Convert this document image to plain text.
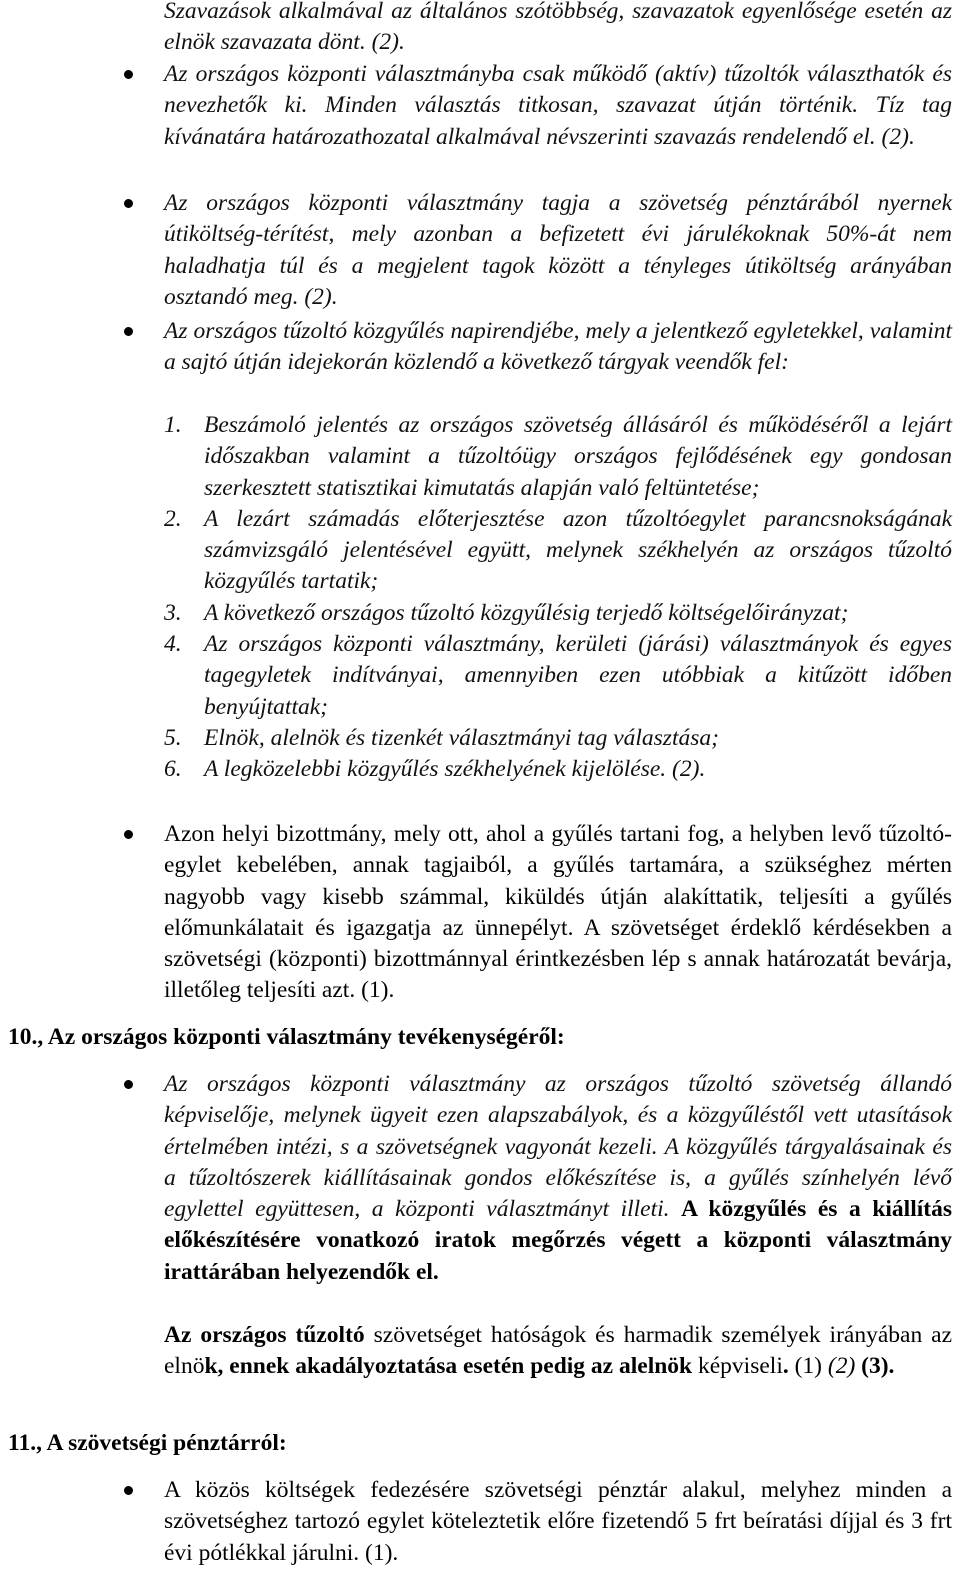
Szavazások alkalmával az általános szótöbbség, szavazatok egyenlősége esetén az elnök szavazata dönt. (2).
Az országos központi választmányba csak működő (aktív) tűzoltók választhatók és nevezhetők ki. Minden választás titkosan, szavazat útján történik. Tíz tag kívánatára határozathozatal alkalmával névszerinti szavazás rendelendő el. (2).
Az országos központi választmány tagja a szövetség pénztárából nyernek útiköltség-térítést, mely azonban a befizetett évi járulékoknak 50%-át nem haladhatja túl és a megjelent tagok között a tényleges útiköltség arányában osztandó meg. (2).
Az országos tűzoltó közgyűlés napirendjébe, mely a jelentkező egyletekkel, valamint a sajtó útján idejekorán közlendő a következő tárgyak veendők fel:
1. Beszámoló jelentés az országos szövetség állásáról és működéséről a lejárt időszakban valamint a tűzoltóügy országos fejlődésének egy gondosan szerkesztett statisztikai kimutatás alapján való feltüntetése;
2. A lezárt számadás előterjesztése azon tűzoltóegylet parancsnokságának számvizsgáló jelentésével együtt, melynek székhelyén az országos tűzoltó közgyűlés tartatik;
3. A következő országos tűzoltó közgyűlésig terjedő költségelőirányzat;
4. Az országos központi választmány, kerületi (járási) választmányok és egyes tagegyletek indítványai, amennyiben ezen utóbbiak a kitűzött időben benyújtattak;
5. Elnök, alelnök és tizenkét választmányi tag választása;
6. A legközelebbi közgyűlés székhelyének kijelölése. (2).
Azon helyi bizottmány, mely ott, ahol a gyűlés tartani fog, a helyben levő tűzoltó-egylet kebelében, annak tagjaiból, a gyűlés tartamára, a szükséghez mérten nagyobb vagy kisebb számmal, kiküldés útján alakíttatik, teljesíti a gyűlés előmunkálatait és igazgatja az ünnepélyt. A szövetséget érdeklő kérdésekben a szövetségi (központi) bizottmánnyal érintkezésben lép s annak határozatát bevárja, illetőleg teljesíti azt. (1).
10., Az országos központi választmány tevékenységéről:
Az országos központi választmány az országos tűzoltó szövetség állandó képviselője, melynek ügyeit ezen alapszabályok, és a közgyűléstől vett utasítások értelmében intézi, s a szövetségnek vagyonát kezeli. A közgyűlés tárgyalásainak és a tűzoltószerek kiállításainak gondos előkészítése is, a gyűlés színhelyén lévő egylettel együttesen, a központi választmányt illeti. A közgyűlés és a kiállítás előkészítésére vonatkozó iratok megőrzés végett a központi választmány irattárában helyezendők el.
Az országos tűzoltó szövetséget hatóságok és harmadik személyek irányában az elnök, ennek akadályoztatása esetén pedig az alelnök képviseli. (1) (2) (3).
11., A szövetségi pénztárról:
A közös költségek fedezésére szövetségi pénztár alakul, melyhez minden a szövetséghez tartozó egylet köteleztetik előre fizetendő 5 frt beíratási díjjal és 3 frt évi pótlékkal járulni. (1).
